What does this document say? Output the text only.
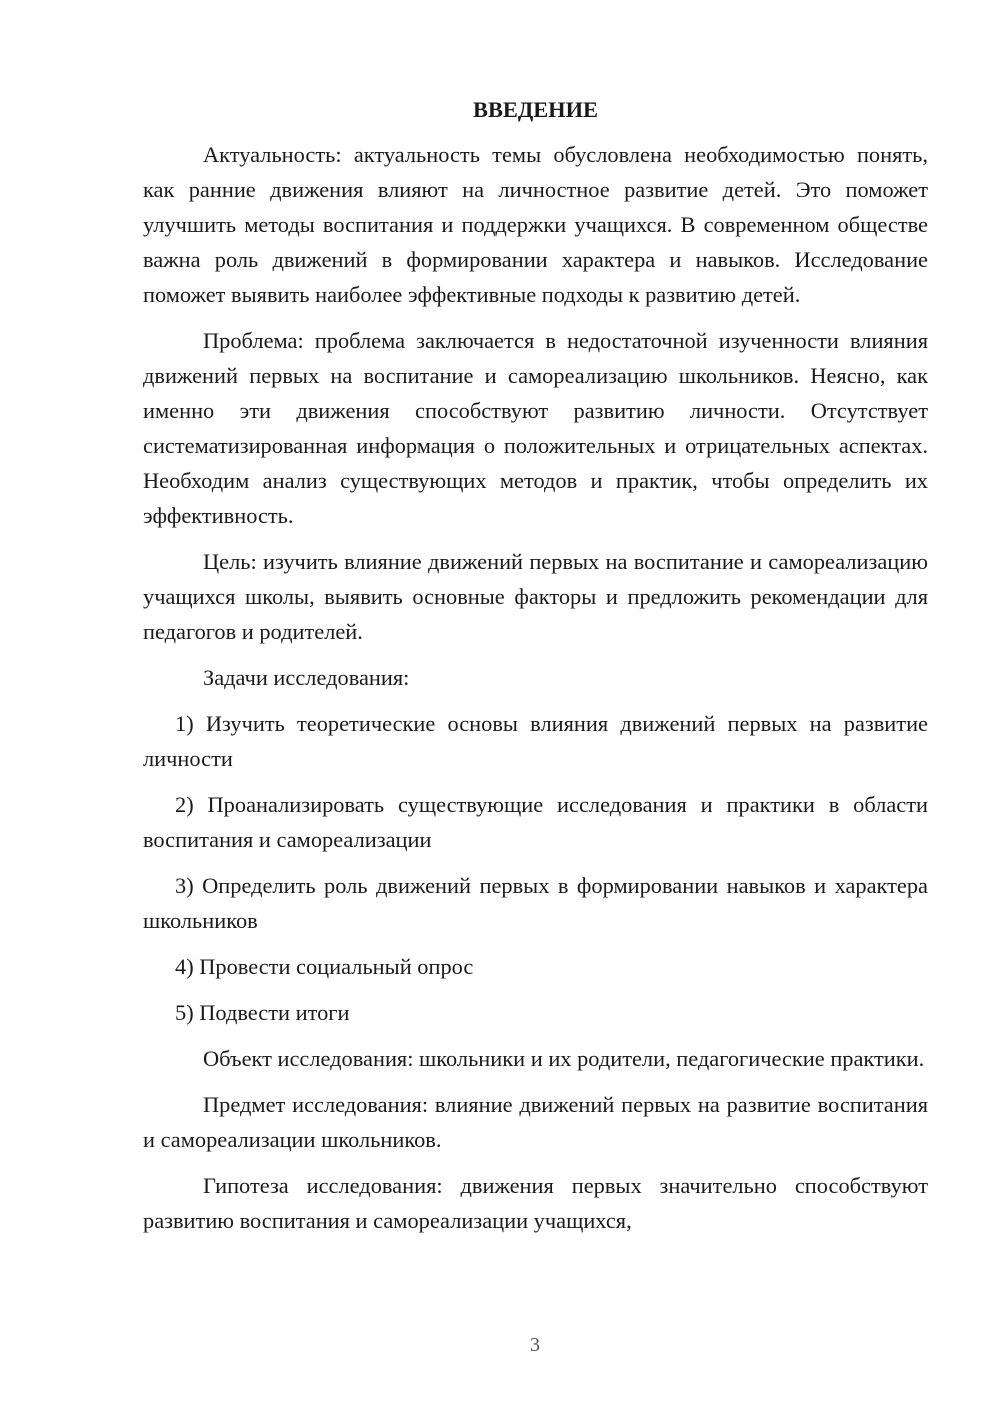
ВВЕДЕНИЕ

Актуальность: актуальность темы обусловлена необходимостью понять, как ранние движения влияют на личностное развитие детей. Это поможет улучшить методы воспитания и поддержки учащихся. В современном обществе важна роль движений в формировании характера и навыков. Исследование поможет выявить наиболее эффективные подходы к развитию детей.

Проблема: проблема заключается в недостаточной изученности влияния движений первых на воспитание и самореализацию школьников. Неясно, как именно эти движения способствуют развитию личности. Отсутствует систематизированная информация о положительных и отрицательных аспектах. Необходим анализ существующих методов и практик, чтобы определить их эффективность.

Цель: изучить влияние движений первых на воспитание и самореализацию учащихся школы, выявить основные факторы и предложить рекомендации для педагогов и родителей.

Задачи исследования:

1) Изучить теоретические основы влияния движений первых на развитие личности

2) Проанализировать существующие исследования и практики в области воспитания и самореализации

3) Определить роль движений первых в формировании навыков и характера школьников

4) Провести социальный опрос

5) Подвести итоги

Объект исследования: школьники и их родители, педагогические практики.

Предмет исследования: влияние движений первых на развитие воспитания и самореализации школьников.

Гипотеза исследования: движения первых значительно способствуют развитию воспитания и самореализации учащихся,

3
